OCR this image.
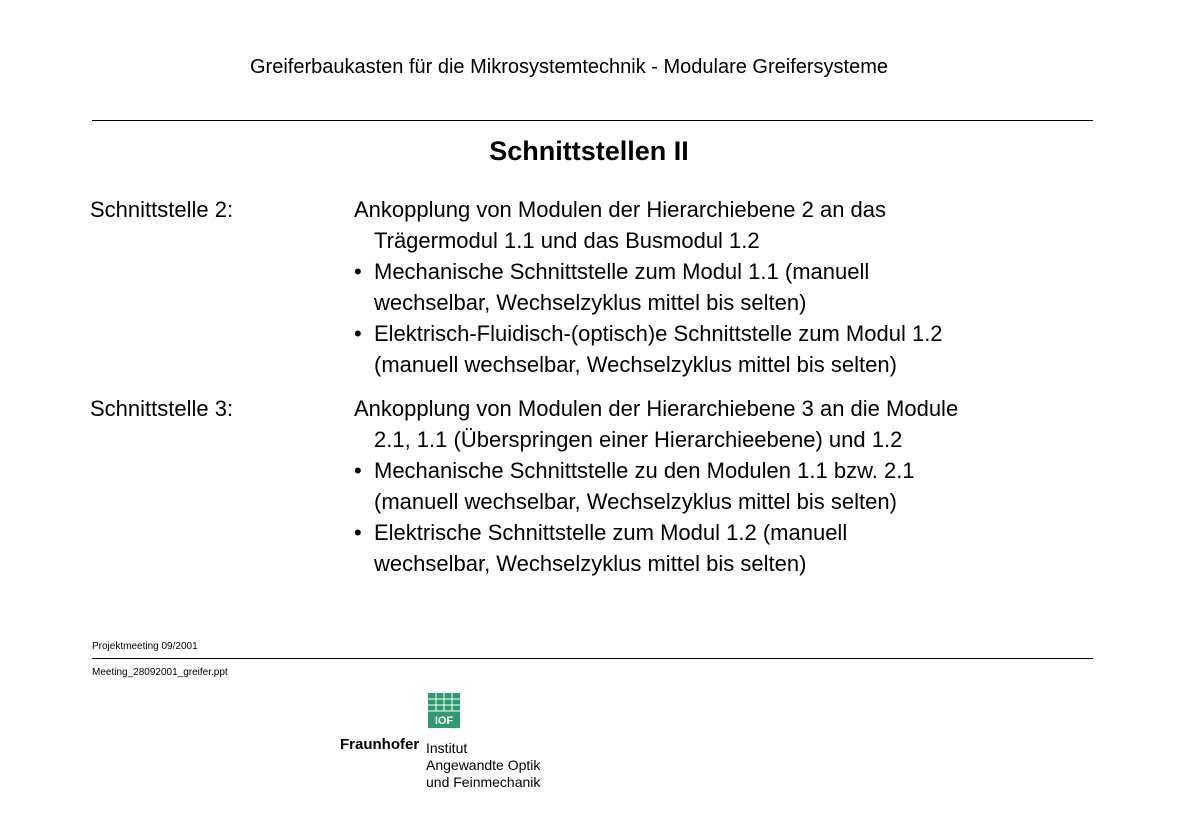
Greiferbaukasten für die Mikrosystemtechnik - Modulare Greifersysteme
Schnittstellen II
Schnittstelle 2:	Ankopplung von Modulen der Hierarchiebene 2 an das
Trägermodul 1.1 und das Busmodul 1.2
• Mechanische Schnittstelle zum Modul 1.1 (manuell
wechselbar, Wechselzyklus mittel bis selten)
• Elektrisch-Fluidisch-(optisch)e Schnittstelle zum Modul 1.2
(manuell wechselbar, Wechselzyklus mittel bis selten)
Schnittstelle 3:	Ankopplung von Modulen der Hierarchiebene 3 an die Module
2.1, 1.1 (Überspringen einer Hierarchieebene) und 1.2
• Mechanische Schnittstelle zu den Modulen 1.1 bzw. 2.1
(manuell wechselbar, Wechselzyklus mittel bis selten)
• Elektrische Schnittstelle zum Modul 1.2 (manuell
wechselbar, Wechselzyklus mittel bis selten)
Projektmeeting 09/2001
Meeting_28092001_greifer.ppt
IOF
Fraunhofer Institut
Angewandte Optik
und Feinmechanik
